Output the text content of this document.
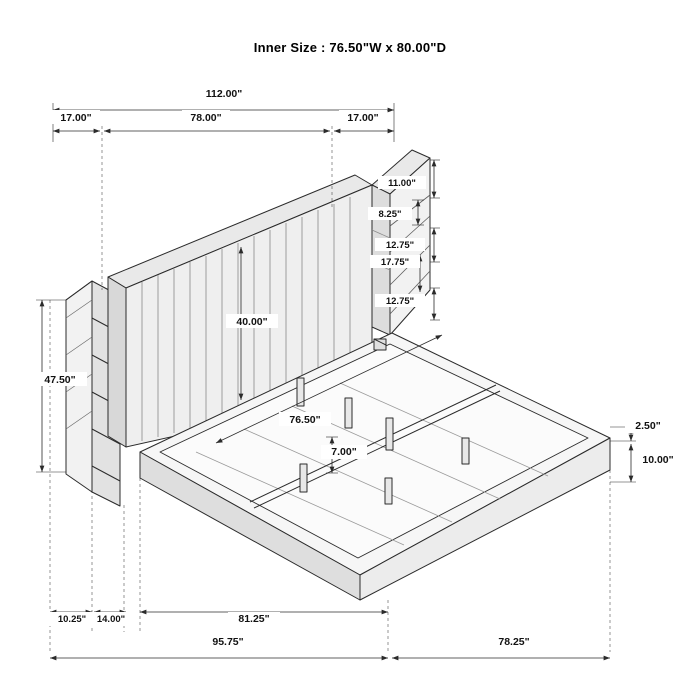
Inner Size : 76.50"W x 80.00"D
112.00"
17.00"	78.00"	17.00"
11.00"
8.25"
12.75"
17.75"
12.75"
40.00"
47.50"
76.50"
7.00"
2.50"
10.00"
10.25" 14.00"	81.25"
95.75"	78.25"
